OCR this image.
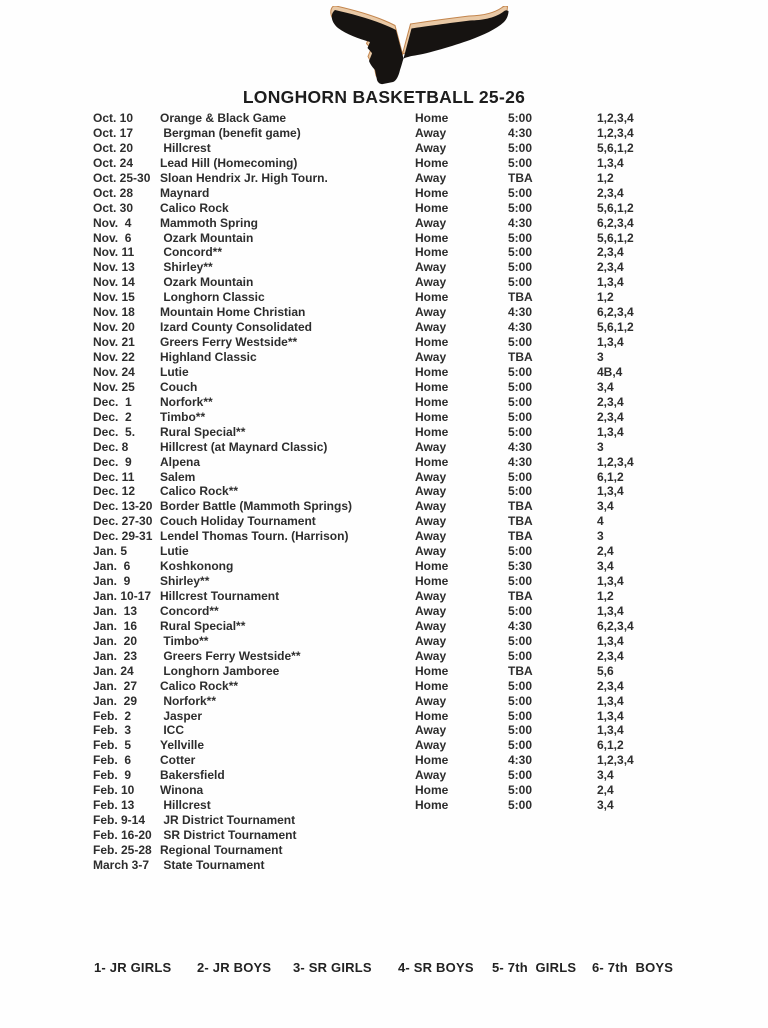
LONGHORN BASKETBALL 25-26
Oct. 10	Orange & Black Game	Home	5:00	1,2,3,4
Oct. 17	Bergman (benefit game)	Away	4:30	1,2,3,4
Oct. 20	Hillcrest	Away	5:00	5,6,1,2
Oct. 24	Lead Hill (Homecoming)	Home	5:00	1,3,4
Oct. 25-30 Sloan Hendrix Jr. High Tourn.	Away	TBA	1,2
Oct. 28	Maynard	Home	5:00	2,3,4
Oct. 30	Calico Rock	Home	5:00	5,6,1,2
Nov.  4	Mammoth Spring	Away	4:30	6,2,3,4
Nov.  6	Ozark Mountain	Home	5:00	5,6,1,2
Nov. 11	Concord**	Home	5:00	2,3,4
Nov. 13	Shirley**	Away	5:00	2,3,4
Nov. 14	Ozark Mountain	Away	5:00	1,3,4
Nov. 15	Longhorn Classic	Home	TBA	1,2
Nov. 18	Mountain Home Christian	Away	4:30	6,2,3,4
Nov. 20	Izard County Consolidated	Away	4:30	5,6,1,2
Nov. 21	Greers Ferry Westside**	Home	5:00	1,3,4
Nov. 22	Highland Classic	Away	TBA	3
Nov. 24	Lutie	Home	5:00	4B,4
Nov. 25	Couch	Home	5:00	3,4
Dec.  1	Norfork**	Home	5:00	2,3,4
Dec.  2	Timbo**	Home	5:00	2,3,4
Dec.  5.	Rural Special**	Home	5:00	1,3,4
Dec. 8	Hillcrest (at Maynard Classic)	Away	4:30	3
Dec.  9	Alpena	Home	4:30	1,2,3,4
Dec. 11	Salem	Away	5:00	6,1,2
Dec. 12	Calico Rock**	Away	5:00	1,3,4
Dec. 13-20 Border Battle (Mammoth Springs)	Away	TBA	3,4
Dec. 27-30 Couch Holiday Tournament	Away	TBA	4
Dec. 29-31 Lendel Thomas Tourn. (Harrison)	Away	TBA	3
Jan. 5	Lutie	Away	5:00	2,4
Jan.  6	Koshkonong	Home	5:30	3,4
Jan.  9	Shirley**	Home	5:00	1,3,4
Jan. 10-17 Hillcrest Tournament	Away	TBA	1,2
Jan.  13	Concord**	Away	5:00	1,3,4
Jan.  16	Rural Special**	Away	4:30	6,2,3,4
Jan.  20	Timbo**	Away	5:00	1,3,4
Jan.  23	Greers Ferry Westside**	Away	5:00	2,3,4
Jan. 24	Longhorn Jamboree	Home	TBA	5,6
Jan.  27	Calico Rock**	Home	5:00	2,3,4
Jan.  29	Norfork**	Away	5:00	1,3,4
Feb.  2	Jasper	Home	5:00	1,3,4
Feb.  3	ICC	Away	5:00	1,3,4
Feb.  5	Yellville	Away	5:00	6,1,2
Feb.  6	Cotter	Home	4:30	1,2,3,4
Feb.  9	Bakersfield	Away	5:00	3,4
Feb. 10	Winona	Home	5:00	2,4
Feb. 13	Hillcrest	Home	5:00	3,4
Feb. 9-14	JR District Tournament
Feb. 16-20 SR District Tournament
Feb. 25-28 Regional Tournament
March 3-7 State Tournament
1- JR GIRLS 2- JR BOYS 3- SR GIRLS 4- SR BOYS 5- 7th  GIRLS 6- 7th  BOYS
